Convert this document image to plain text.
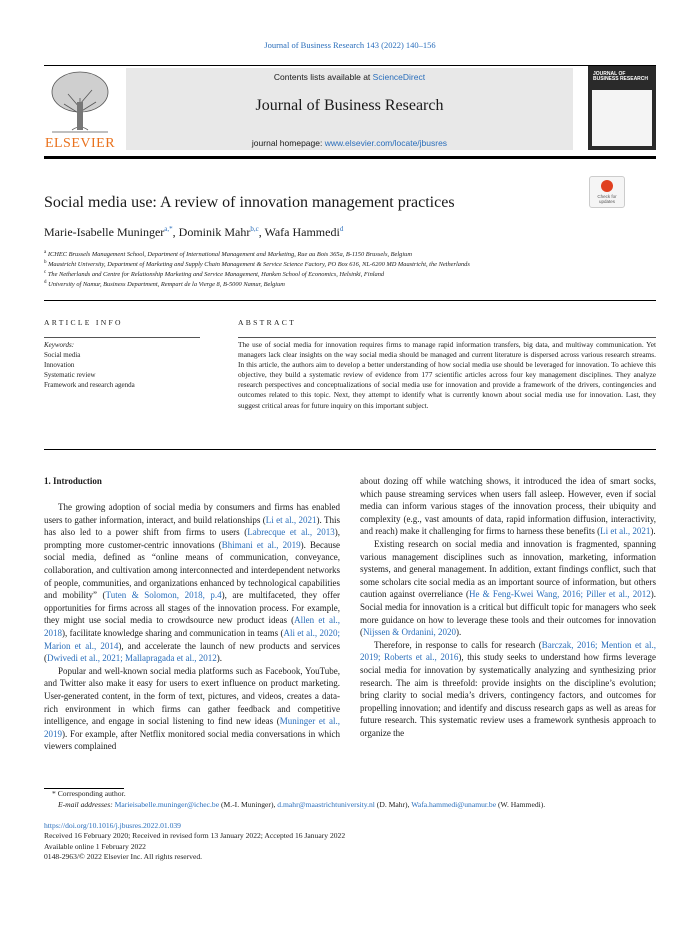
Journal of Business Research 143 (2022) 140–156
ELSEVIER
Contents lists available at ScienceDirect
Journal of Business Research
journal homepage: www.elsevier.com/locate/jbusres
JOURNAL OF BUSINESS RESEARCH
Social media use: A review of innovation management practices	Check for updates
Marie-Isabelle Muninger$^{a,*}$, Dominik Mahr$^{b,c}$, Wafa Hammedi$^d$
$^a$ ICHEC Brussels Management School, Department of International Management and Marketing, Rue au Bois 365a, B-1150 Brussels, Belgium
$^b$ Maastricht University, Department of Marketing and Supply Chain Management & Service Science Factory, PO Box 616, NL-6200 MD Maastricht, the Netherlands
$^c$ The Netherlands and Centre for Relationship Marketing and Service Management, Hanken School of Economics, Helsinki, Finland
$^d$ University of Namur, Business Department, Rempart de la Vierge 8, B-5000 Namur, Belgium
ARTICLE INFO	ABSTRACT
Keywords:
Social media
Innovation
Systematic review
Framework and research agenda
The use of social media for innovation requires firms to manage rapid information transfers, big data, and multiway communication. Yet managers lack clear insights on the way social media should be managed and current literature is dispersed across various research streams. In this article, the authors aim to develop a better understanding of how social media use should be leveraged for innovation. To achieve this objective, they build a systematic review of evidence from 177 scientific articles across four key management disciplines. They analyze research perspectives and conceptualizations of social media use for innovation and provide a framework of the drivers, contingencies and outcomes related to this topic. Next, they attempt to identify what is currently known about social media use for innovation. Last, they suggest critical areas for future inquiry on this important subject.
1. Introduction

The growing adoption of social media by consumers and firms has enabled users to gather information, interact, and build relationships (Li et al., 2021). This has also led to a power shift from firms to users (Labrecque et al., 2013), prompting more customer-centric innovations (Bhimani et al., 2019). Because social media, defined as “online means of communication, conveyance, collaboration, and cultivation among interconnected and interdependent networks of people, communities, and organizations enhanced by technological capabilities and mobility” (Tuten & Solomon, 2018, p.4), are multifaceted, they offer opportunities for firms across all stages of the innovation process. For example, they might use social media to crowdsource new product ideas (Allen et al., 2018), facilitate knowledge sharing and communication in teams (Ali et al., 2020; Marion et al., 2014), and accelerate the launch of new products and services (Dwivedi et al., 2021; Mallapragada et al., 2012).

Popular and well-known social media platforms such as Facebook, YouTube, and Twitter also make it easy for users to exert influence on product marketing. User-generated content, in the form of text, pictures, and videos, creates a data-rich environment in which firms can gather feedback and competitive intelligence, and engage in social listening to find new ideas (Muninger et al., 2019). For example, after Netflix monitored social media conversations in which viewers complained

about dozing off while watching shows, it introduced the idea of smart socks, which pause streaming services when users fall asleep. However, even if social media can inform various stages of the innovation process, their ubiquity and complexity (e.g., vast amounts of data, rapid information diffusion, interactivity, and reach) make it challenging for firms to harness these benefits (Li et al., 2021).

Existing research on social media and innovation is fragmented, spanning various management disciplines such as innovation, marketing, information systems, and general management. In addition, extant findings conflict, such that some scholars cite social media as an important source of information, but others caution against overreliance (He & Feng-Kwei Wang, 2016; Piller et al., 2012). Social media for innovation is a critical but difficult topic for managers who seek more guidance on how to leverage these tools and their outcomes for innovation (Nijssen & Ordanini, 2020).

Therefore, in response to calls for research (Barczak, 2016; Mention et al., 2019; Roberts et al., 2016), this study seeks to understand how firms leverage social media for innovation by systematically analyzing and synthesizing prior research. The aim is threefold: provide insights on the discipline’s evolution; bring clarity to social media’s drivers, contingency factors, and outcomes for propelling innovation; and identify and discuss research gaps as well as areas for future research. This systematic review uses a framework synthesis approach to organize the

* Corresponding author.
E-mail addresses: Marieisabelle.muninger@ichec.be (M.-I. Muninger), d.mahr@maastrichtuniversity.nl (D. Mahr), Wafa.hammedi@unamur.be (W. Hammedi).
https://doi.org/10.1016/j.jbusres.2022.01.039
Received 16 February 2020; Received in revised form 13 January 2022; Accepted 16 January 2022
Available online 1 February 2022
0148-2963/© 2022 Elsevier Inc. All rights reserved.
